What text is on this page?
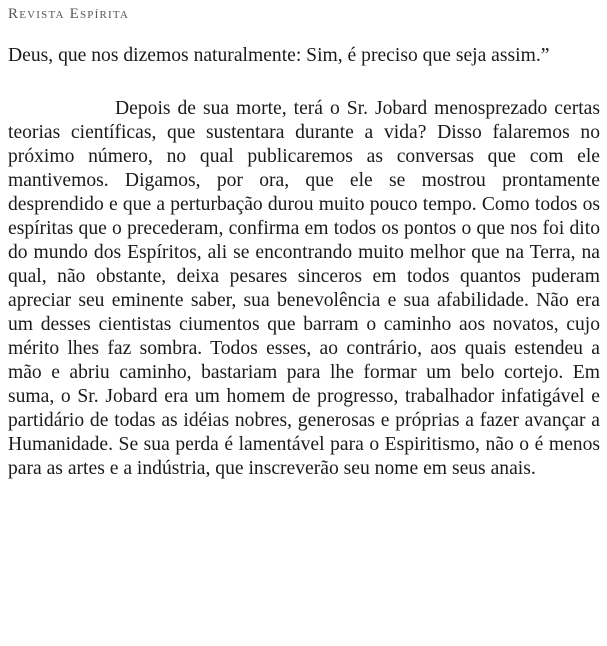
Revista Espírita

Deus, que nos dizemos naturalmente: Sim, é preciso que seja assim.”

Depois de sua morte, terá o Sr. Jobard menosprezado certas teorias científicas, que sustentara durante a vida? Disso falaremos no próximo número, no qual publicaremos as conversas que com ele mantivemos. Digamos, por ora, que ele se mostrou prontamente desprendido e que a perturbação durou muito pouco tempo. Como todos os espíritas que o precederam, confirma em todos os pontos o que nos foi dito do mundo dos Espíritos, ali se encontrando muito melhor que na Terra, na qual, não obstante, deixa pesares sinceros em todos quantos puderam apreciar seu eminente saber, sua benevolência e sua afabilidade. Não era um desses cientistas ciumentos que barram o caminho aos novatos, cujo mérito lhes faz sombra. Todos esses, ao contrário, aos quais estendeu a mão e abriu caminho, bastariam para lhe formar um belo cortejo. Em suma, o Sr. Jobard era um homem de progresso, trabalhador infatigável e partidário de todas as idéias nobres, generosas e próprias a fazer avançar a Humanidade. Se sua perda é lamentável para o Espiritismo, não o é menos para as artes e a indústria, que inscreverão seu nome em seus anais.
